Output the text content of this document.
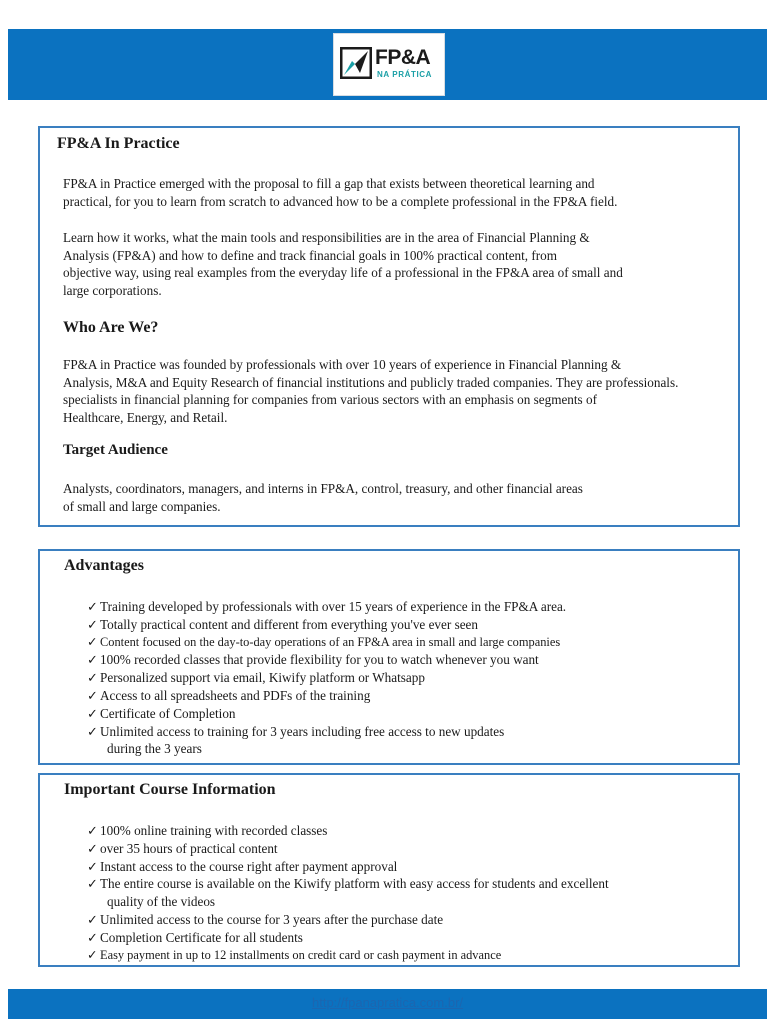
FP&A
NA PRÁTICA
FP&A In Practice

FP&A in Practice emerged with the proposal to fill a gap that exists between theoretical learning and
practical, for you to learn from scratch to advanced how to be a complete professional in the FP&A field.

Learn how it works, what the main tools and responsibilities are in the area of Financial Planning &
Analysis (FP&A) and how to define and track financial goals in 100% practical content, from
objective way, using real examples from the everyday life of a professional in the FP&A area of small and
large corporations.

Who Are We?

FP&A in Practice was founded by professionals with over 10 years of experience in Financial Planning &
Analysis, M&A and Equity Research of financial institutions and publicly traded companies. They are professionals.
specialists in financial planning for companies from various sectors with an emphasis on segments of
Healthcare, Energy, and Retail.

Target Audience

Analysts, coordinators, managers, and interns in FP&A, control, treasury, and other financial areas
of small and large companies.

Advantages
✓ Training developed by professionals with over 15 years of experience in the FP&A area.
✓ Totally practical content and different from everything you've ever seen
✓ Content focused on the day-to-day operations of an FP&A area in small and large companies
✓ 100% recorded classes that provide flexibility for you to watch whenever you want
✓ Personalized support via email, Kiwify platform or Whatsapp
✓ Access to all spreadsheets and PDFs of the training
✓ Certificate of Completion
✓ Unlimited access to training for 3 years including free access to new updates
during the 3 years
Important Course Information
✓ 100% online training with recorded classes
✓ over 35 hours of practical content
✓ Instant access to the course right after payment approval
✓ The entire course is available on the Kiwify platform with easy access for students and excellent
quality of the videos
✓ Unlimited access to the course for 3 years after the purchase date
✓ Completion Certificate for all students
✓ Easy payment in up to 12 installments on credit card or cash payment in advance
http://fpanapratica.com.br/
